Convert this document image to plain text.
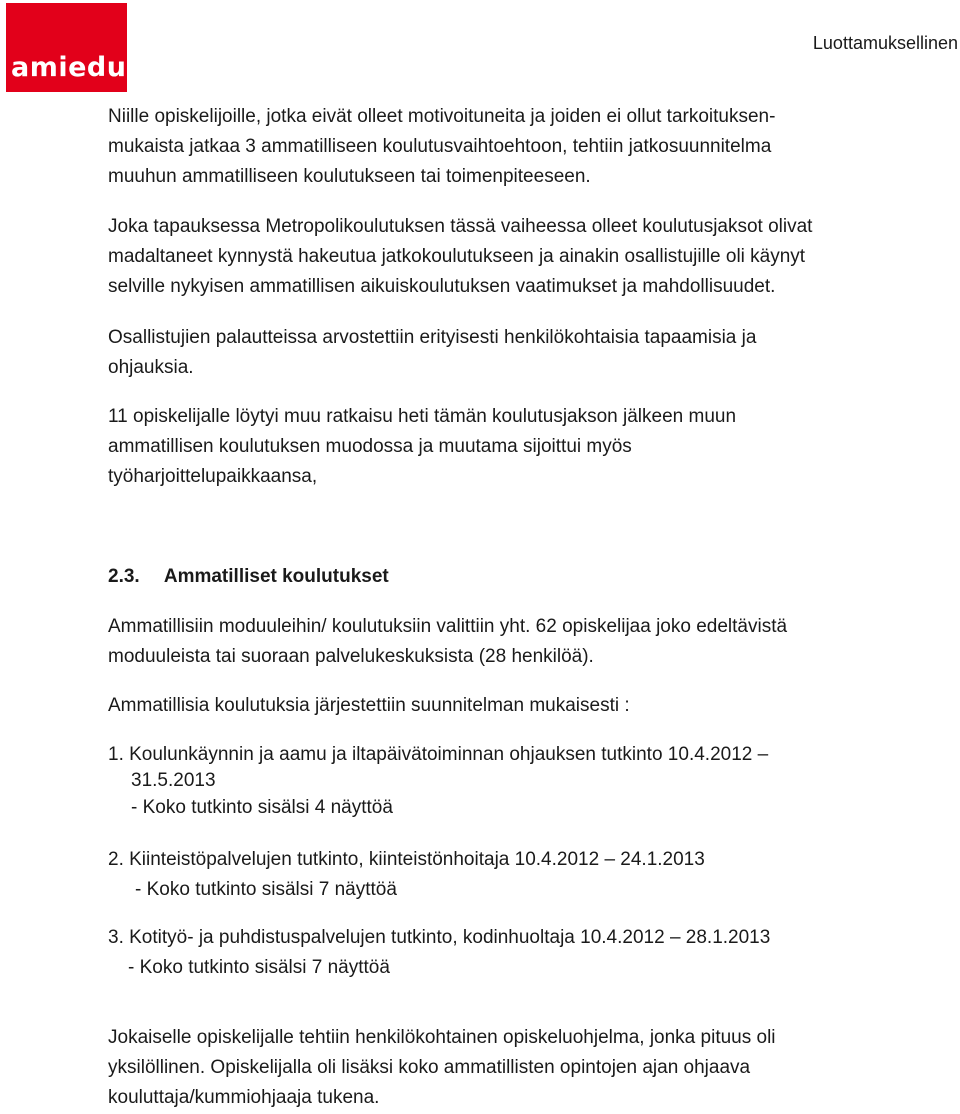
amiedu
Luottamuksellinen
Niille opiskelijoille, jotka eivät olleet motivoituneita ja joiden ei ollut tarkoituksen-
mukaista jatkaa 3 ammatilliseen koulutusvaihtoehtoon, tehtiin jatkosuunnitelma
muuhun ammatilliseen koulutukseen tai toimenpiteeseen.
Joka tapauksessa Metropolikoulutuksen tässä vaiheessa olleet koulutusjaksot olivat
madaltaneet kynnystä hakeutua jatkokoulutukseen ja ainakin osallistujille oli käynyt
selville nykyisen ammatillisen aikuiskoulutuksen vaatimukset ja mahdollisuudet.
Osallistujien palautteissa arvostettiin erityisesti henkilökohtaisia tapaamisia ja
ohjauksia.
11 opiskelijalle löytyi muu ratkaisu heti tämän koulutusjakson jälkeen muun
ammatillisen koulutuksen muodossa ja muutama sijoittui myös
työharjoittelupaikkaansa,
2.3. Ammatilliset koulutukset
Ammatillisiin moduuleihin/ koulutuksiin valittiin yht. 62 opiskelijaa joko edeltävistä
moduuleista tai suoraan palvelukeskuksista (28 henkilöä).
Ammatillisia koulutuksia järjestettiin suunnitelman mukaisesti :
1. Koulunkäynnin ja aamu ja iltapäivätoiminnan ohjauksen tutkinto 10.4.2012 –
31.5.2013
- Koko tutkinto sisälsi 4 näyttöä
2. Kiinteistöpalvelujen tutkinto, kiinteistönhoitaja 10.4.2012 – 24.1.2013
- Koko tutkinto sisälsi 7 näyttöä
3. Kotityö- ja puhdistuspalvelujen tutkinto, kodinhuoltaja 10.4.2012 – 28.1.2013
- Koko tutkinto sisälsi 7 näyttöä
Jokaiselle opiskelijalle tehtiin henkilökohtainen opiskeluohjelma, jonka pituus oli
yksilöllinen. Opiskelijalla oli lisäksi koko ammatillisten opintojen ajan ohjaava
kouluttaja/kummiohjaaja tukena.
